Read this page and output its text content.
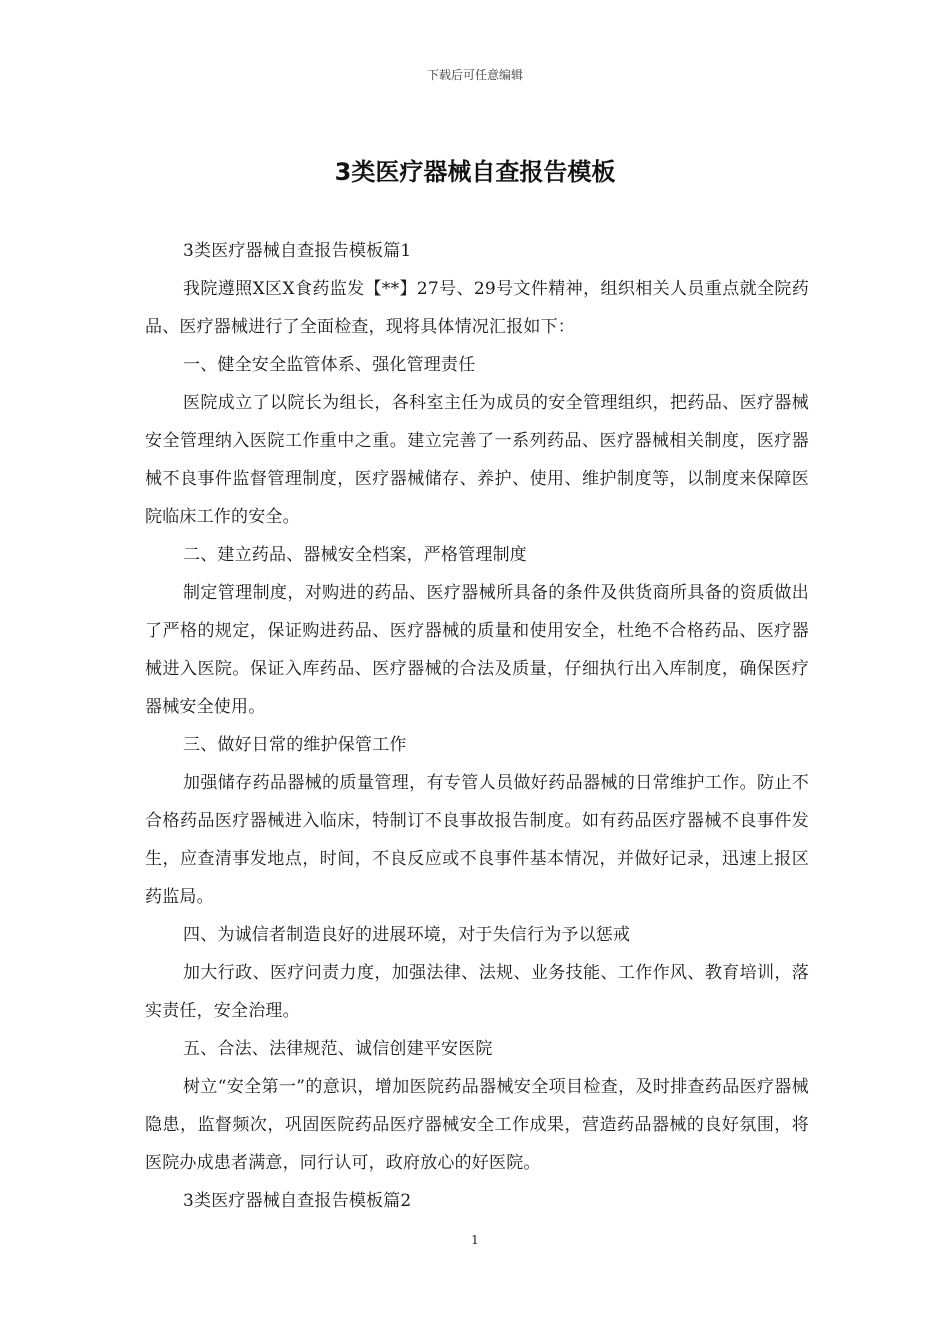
下载后可任意编辑
3类医疗器械自查报告模板

3类医疗器械自查报告模板篇1

我院遵照X区X食药监发【**】27号、29号文件精神，组织相关人员重点就全院药品、医疗器械进行了全面检查，现将具体情况汇报如下：

一、健全安全监管体系、强化管理责任

医院成立了以院长为组长，各科室主任为成员的安全管理组织，把药品、医疗器械安全管理纳入医院工作重中之重。建立完善了一系列药品、医疗器械相关制度，医疗器械不良事件监督管理制度，医疗器械储存、养护、使用、维护制度等，以制度来保障医院临床工作的安全。

二、建立药品、器械安全档案，严格管理制度

制定管理制度，对购进的药品、医疗器械所具备的条件及供货商所具备的资质做出了严格的规定，保证购进药品、医疗器械的质量和使用安全，杜绝不合格药品、医疗器械进入医院。保证入库药品、医疗器械的合法及质量，仔细执行出入库制度，确保医疗器械安全使用。

三、做好日常的维护保管工作

加强储存药品器械的质量管理，有专管人员做好药品器械的日常维护工作。防止不合格药品医疗器械进入临床，特制订不良事故报告制度。如有药品医疗器械不良事件发生，应查清事发地点，时间，不良反应或不良事件基本情况，并做好记录，迅速上报区药监局。

四、为诚信者制造良好的进展环境，对于失信行为予以惩戒

加大行政、医疗问责力度，加强法律、法规、业务技能、工作作风、教育培训，落实责任，安全治理。

五、合法、法律规范、诚信创建平安医院

树立“安全第一”的意识，增加医院药品器械安全项目检查，及时排查药品医疗器械隐患，监督频次，巩固医院药品医疗器械安全工作成果，营造药品器械的良好氛围，将医院办成患者满意，同行认可，政府放心的好医院。

3类医疗器械自查报告模板篇2

1
